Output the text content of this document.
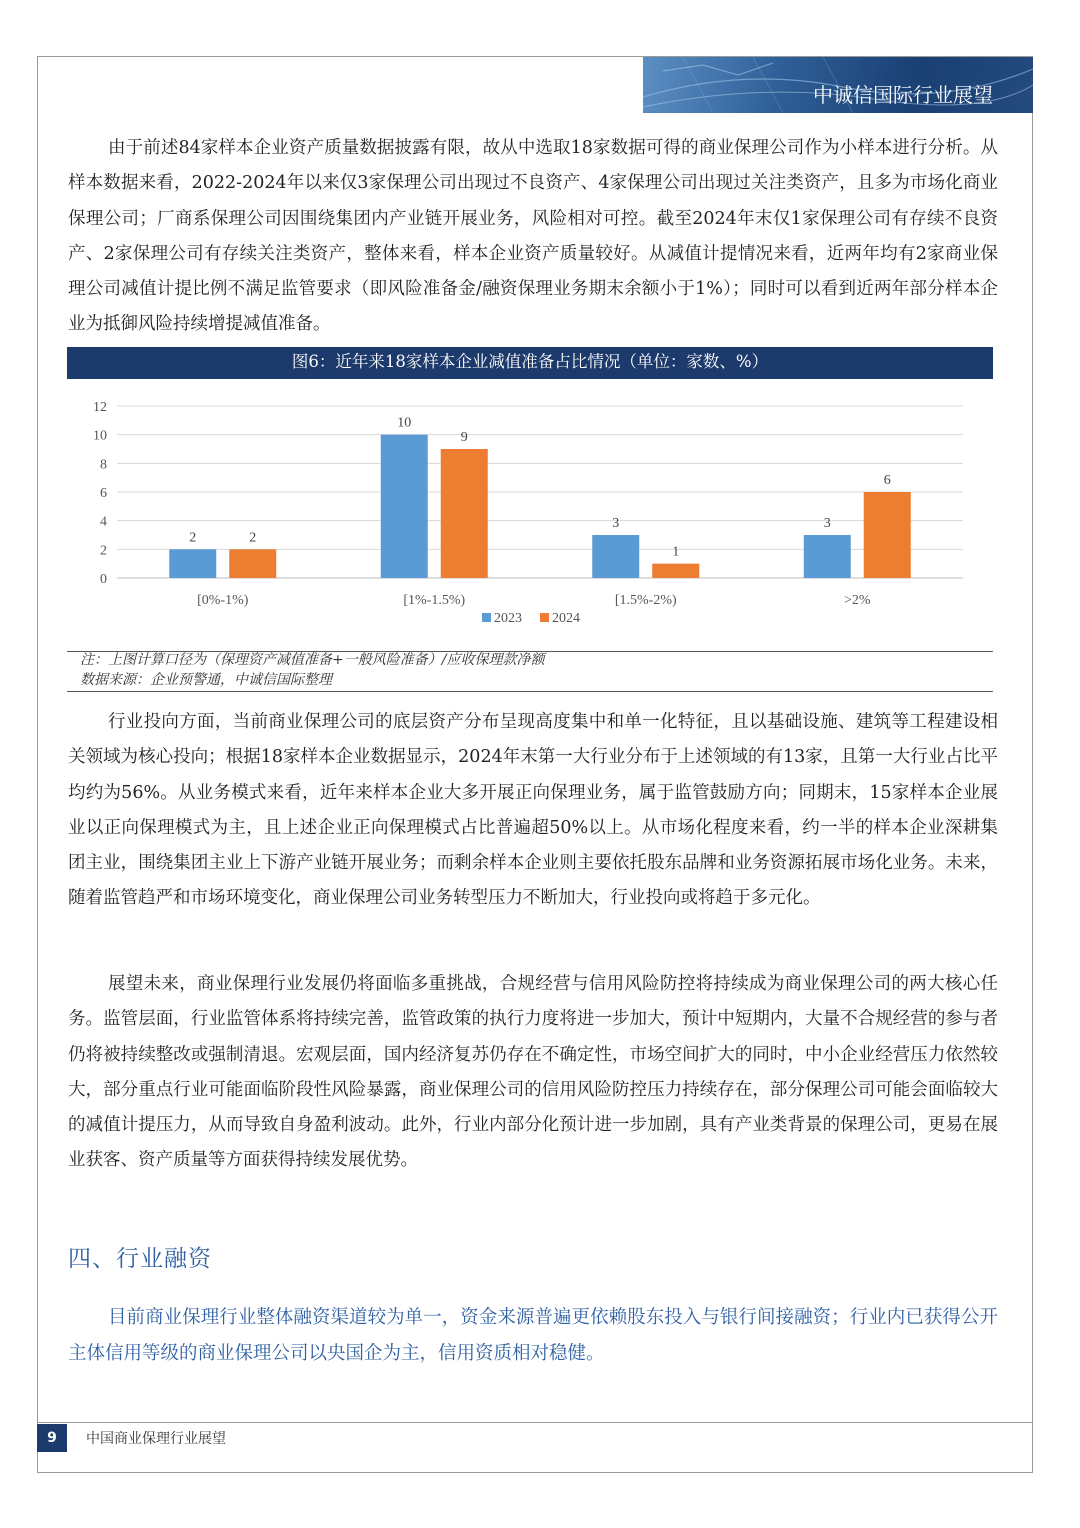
中诚信国际行业展望
由于前述84家样本企业资产质量数据披露有限，故从中选取18家数据可得的商业保理公司作为小样本进行分析。从样本数据来看，2022-2024年以来仅3家保理公司出现过不良资产、4家保理公司出现过关注类资产，且多为市场化商业保理公司；厂商系保理公司因围绕集团内产业链开展业务，风险相对可控。截至2024年末仅1家保理公司有存续不良资产、2家保理公司有存续关注类资产，整体来看，样本企业资产质量较好。从减值计提情况来看，近两年均有2家商业保理公司减值计提比例不满足监管要求（即风险准备金/融资保理业务期末余额小于1%）；同时可以看到近两年部分样本企业为抵御风险持续增提减值准备。
图6：近年来18家样本企业减值准备占比情况（单位：家数、%）
0
2
4
6
8
10
12
2	2
[0%-1%)
10
9
[1%-1.5%)
3
1
[1.5%-2%)
3
6
>2%
2023 2024
注：上图计算口径为（保理资产减值准备+一般风险准备）/应收保理款净额
数据来源：企业预警通，中诚信国际整理
行业投向方面，当前商业保理公司的底层资产分布呈现高度集中和单一化特征，且以基础设施、建筑等工程建设相关领域为核心投向；根据18家样本企业数据显示，2024年末第一大行业分布于上述领域的有13家，且第一大行业占比平均约为56%。从业务模式来看，近年来样本企业大多开展正向保理业务，属于监管鼓励方向；同期末，15家样本企业展业以正向保理模式为主，且上述企业正向保理模式占比普遍超50%以上。从市场化程度来看，约一半的样本企业深耕集团主业，围绕集团主业上下游产业链开展业务；而剩余样本企业则主要依托股东品牌和业务资源拓展市场化业务。未来，随着监管趋严和市场环境变化，商业保理公司业务转型压力不断加大，行业投向或将趋于多元化。
展望未来，商业保理行业发展仍将面临多重挑战，合规经营与信用风险防控将持续成为商业保理公司的两大核心任务。监管层面，行业监管体系将持续完善，监管政策的执行力度将进一步加大，预计中短期内，大量不合规经营的参与者仍将被持续整改或强制清退。宏观层面，国内经济复苏仍存在不确定性，市场空间扩大的同时，中小企业经营压力依然较大，部分重点行业可能面临阶段性风险暴露，商业保理公司的信用风险防控压力持续存在，部分保理公司可能会面临较大的减值计提压力，从而导致自身盈利波动。此外，行业内部分化预计进一步加剧，具有产业类背景的保理公司，更易在展业获客、资产质量等方面获得持续发展优势。
四、行业融资
目前商业保理行业整体融资渠道较为单一，资金来源普遍更依赖股东投入与银行间接融资；行业内已获得公开主体信用等级的商业保理公司以央国企为主，信用资质相对稳健。
9	中国商业保理行业展望
